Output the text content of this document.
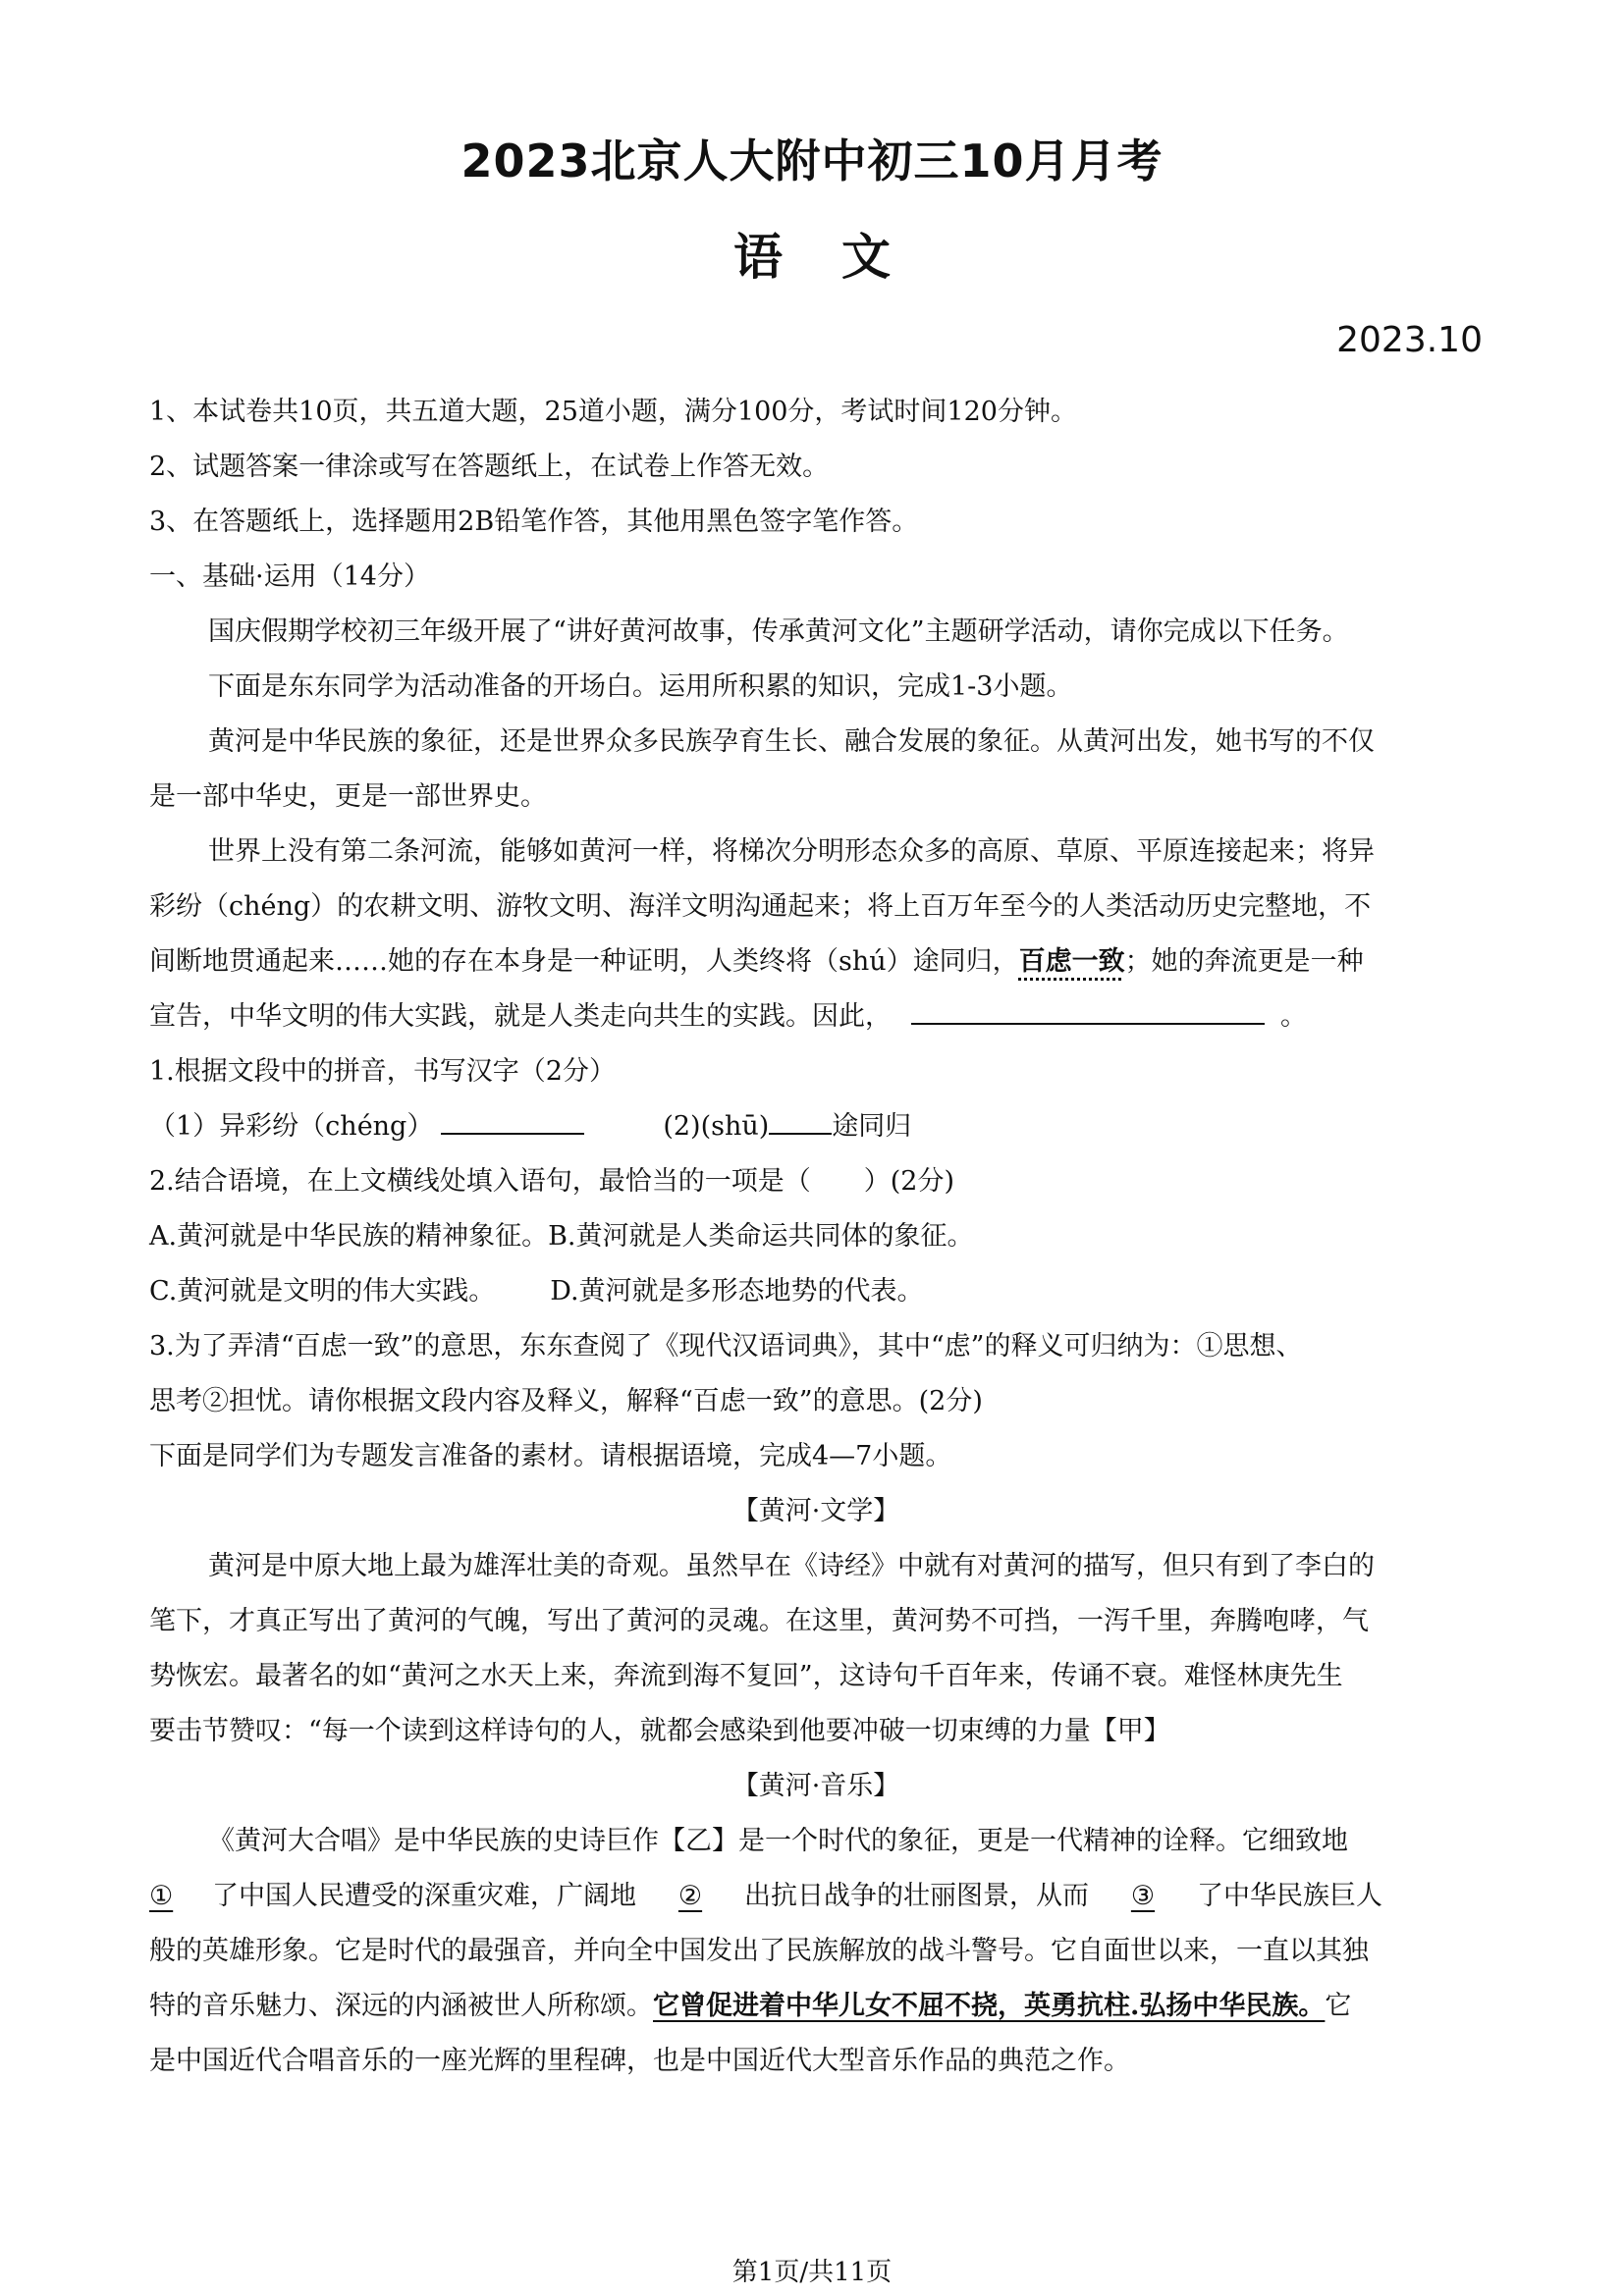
2023北京人大附中初三10月月考
语文
2023.10
1、本试卷共10页，共五道大题，25道小题，满分100分，考试时间120分钟。
2、试题答案一律涂或写在答题纸上，在试卷上作答无效。
3、在答题纸上，选择题用2B铅笔作答，其他用黑色签字笔作答。
一、基础·运用（14分）
国庆假期学校初三年级开展了“讲好黄河故事，传承黄河文化”主题研学活动，请你完成以下任务。
下面是东东同学为活动准备的开场白。运用所积累的知识，完成1-3小题。
黄河是中华民族的象征，还是世界众多民族孕育生长、融合发展的象征。从黄河出发，她书写的不仅
是一部中华史，更是一部世界史。
世界上没有第二条河流，能够如黄河一样，将梯次分明形态众多的高原、草原、平原连接起来；将异
彩纷（chéng）的农耕文明、游牧文明、海洋文明沟通起来；将上百万年至今的人类活动历史完整地，不
间断地贯通起来……她的存在本身是一种证明，人类终将（shú）途同归，百虑一致；她的奔流更是一种
宣告，中华文明的伟大实践，就是人类走向共生的实践。因此，	。
1.根据文段中的拼音，书写汉字（2分）
（1）异彩纷（chéng）	(2)(shū) 途同归
2.结合语境，在上文横线处填入语句，最恰当的一项是（　　）(2分)
A.黄河就是中华民族的精神象征。B.黄河就是人类命运共同体的象征。
C.黄河就是文明的伟大实践。 D.黄河就是多形态地势的代表。
3.为了弄清“百虑一致”的意思，东东查阅了《现代汉语词典》，其中“虑”的释义可归纳为：①思想、
思考②担忧。请你根据文段内容及释义，解释“百虑一致”的意思。(2分)
下面是同学们为专题发言准备的素材。请根据语境，完成4—7小题。
【黄河·文学】
黄河是中原大地上最为雄浑壮美的奇观。虽然早在《诗经》中就有对黄河的描写，但只有到了李白的
笔下，才真正写出了黄河的气魄，写出了黄河的灵魂。在这里，黄河势不可挡，一泻千里，奔腾咆哮，气
势恢宏。最著名的如“黄河之水天上来，奔流到海不复回”，这诗句千百年来，传诵不衰。难怪林庚先生
要击节赞叹：“每一个读到这样诗句的人，就都会感染到他要冲破一切束缚的力量【甲】
【黄河·音乐】
《黄河大合唱》是中华民族的史诗巨作【乙】是一个时代的象征，更是一代精神的诠释。它细致地
① 了中国人民遭受的深重灾难，广阔地 ② 出抗日战争的壮丽图景，从而 ③ 了中华民族巨人
般的英雄形象。它是时代的最强音，并向全中国发出了民族解放的战斗警号。它自面世以来，一直以其独
特的音乐魅力、深远的内涵被世人所称颂。它曾促进着中华儿女不屈不挠，英勇抗柱.弘扬中华民族。它
是中国近代合唱音乐的一座光辉的里程碑，也是中国近代大型音乐作品的典范之作。
第1页/共11页
